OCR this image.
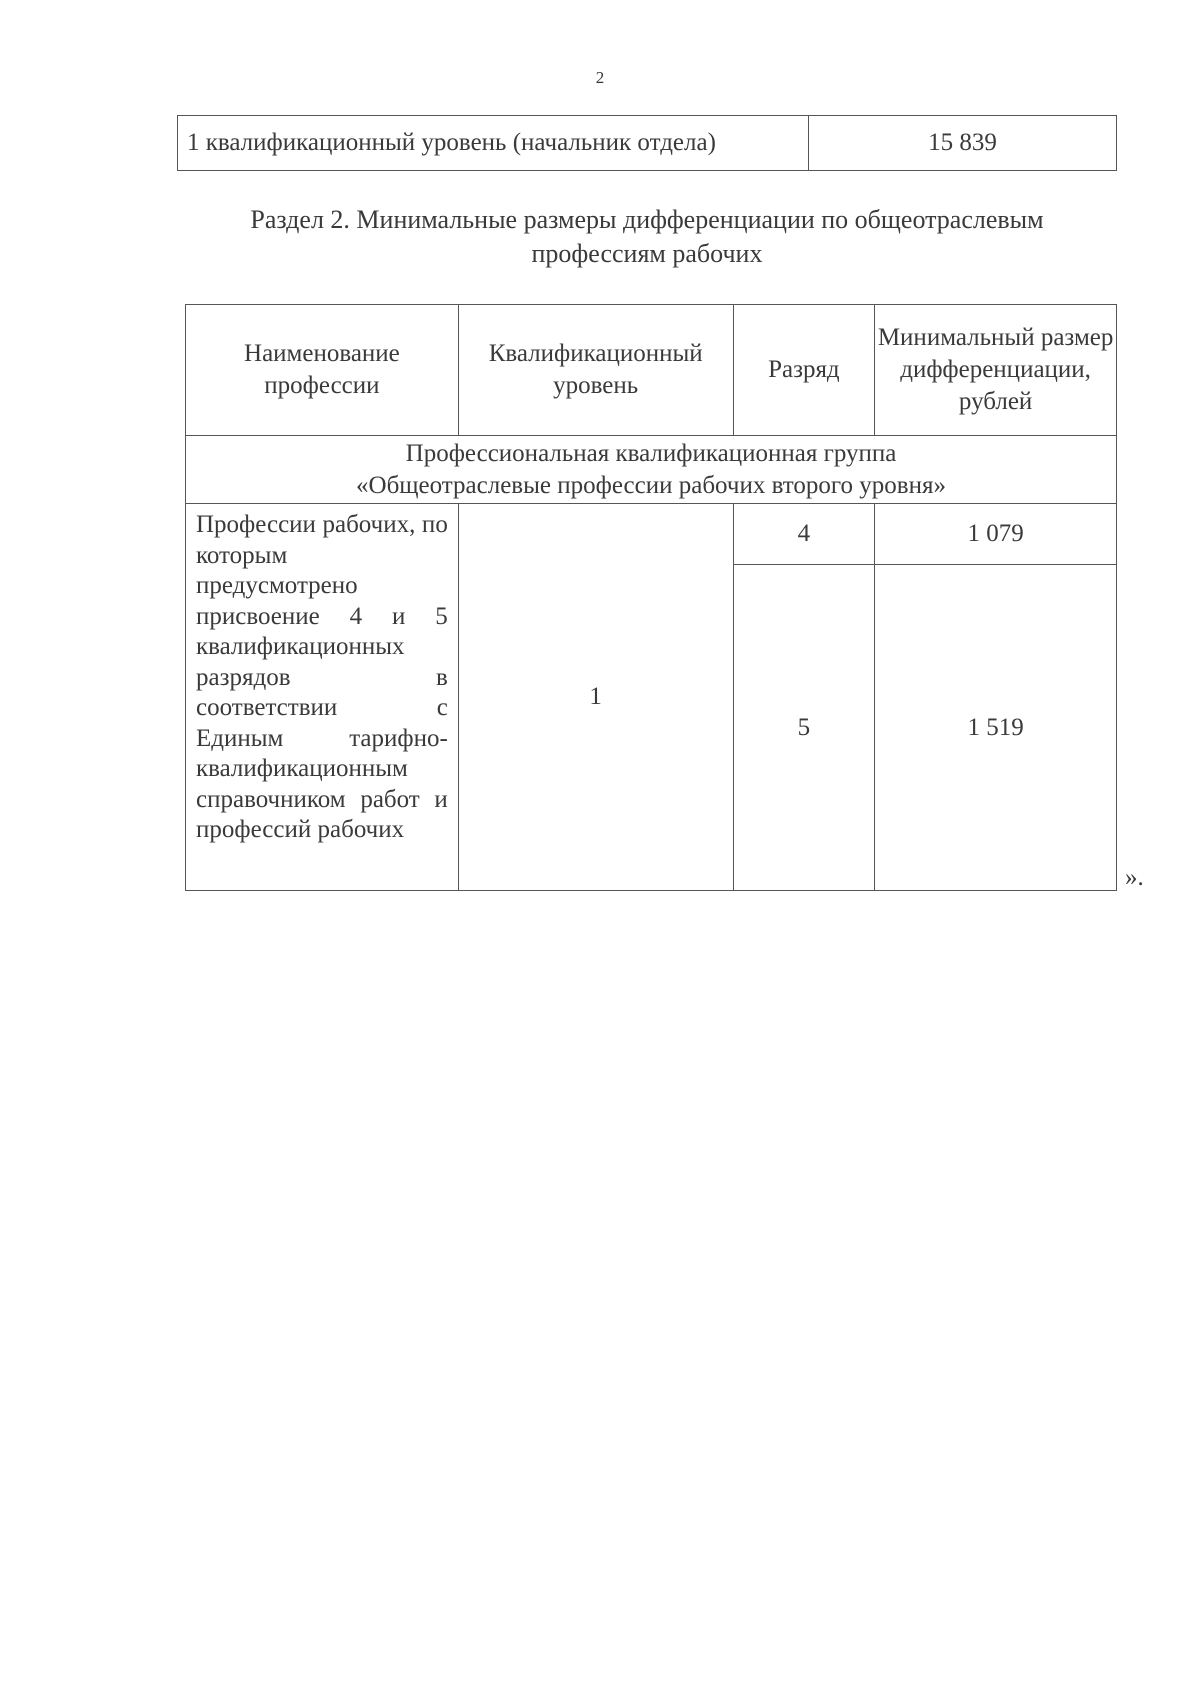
2
1 квалификационный уровень (начальник отдела)	15 839
Раздел 2. Минимальные размеры дифференциации по общеотраслевым
профессиям рабочих
Наименование профессии	Квалификационный уровень	Разряд	Минимальный размер дифференциации, рублей

Профессиональная квалификационная группа
«Общеотраслевые профессии рабочих второго уровня»			

Профессии рабочих, по которым предусмотрено присвоение 4 и 5 квалификационных разрядов в соответствии с Единым тарифно-квалификационным справочником работ и профессий рабочих	1	4	1 079
		5	1 519
».
